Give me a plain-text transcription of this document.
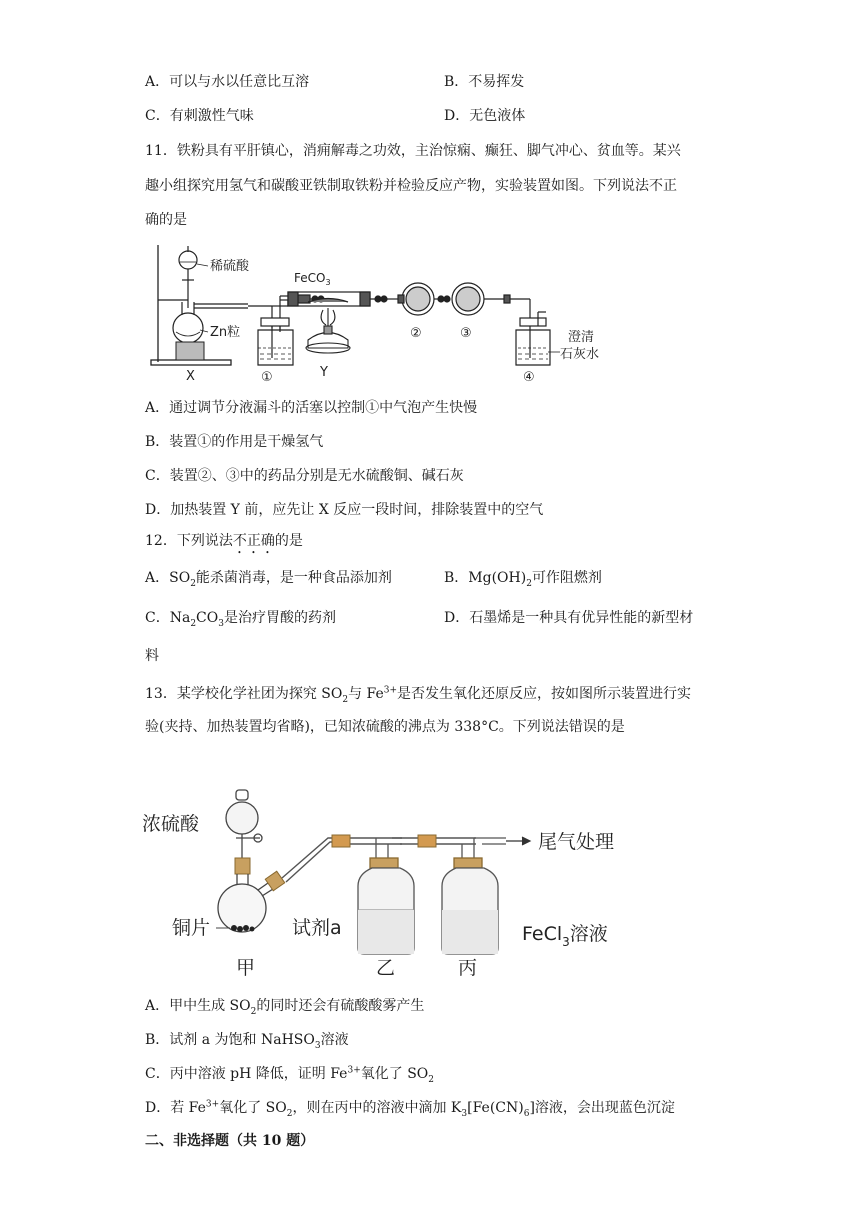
A．可以与水以任意比互溶	B．不易挥发
C．有刺激性气味	D．无色液体
11．铁粉具有平肝镇心，消痈解毒之功效，主治惊痫、癫狂、脚气冲心、贫血等。某兴
趣小组探究用氢气和碳酸亚铁制取铁粉并检验反应产物，实验装置如图。下列说法不正
确的是
稀硫酸
Zn粒
X	①
FeCO$_3$
Y
②	③	澄清
石灰水
④
A．通过调节分液漏斗的活塞以控制①中气泡产生快慢
B．装置①的作用是干燥氢气
C．装置②、③中的药品分别是无水硫酸铜、碱石灰
D．加热装置 Y 前，应先让 X 反应一段时间，排除装置中的空气
12．下列说法不正确的是
A．$SO_2$能杀菌消毒，是一种食品添加剂	B．$Mg(OH)_2$可作阻燃剂
C．$Na_2CO_3$是治疗胃酸的药剂	D．石墨烯是一种具有优异性能的新型材
料
13．某学校化学社团为探究 $SO_2$与 $Fe^{3+}$是否发生氧化还原反应，按如图所示装置进行实
验(夹持、加热装置均省略)，已知浓硫酸的沸点为 338°C。下列说法错误的是
浓硫酸
铜片
甲
试剂a
乙
尾气处理
FeCl$_3$溶液
丙
A．甲中生成 $SO_2$的同时还会有硫酸酸雾产生
B．试剂 a 为饱和 NaHSO$_3$溶液
C．丙中溶液 pH 降低，证明 $Fe^{3+}$氧化了 $SO_2$
D．若 $Fe^{3+}$氧化了 $SO_2$，则在丙中的溶液中滴加 $K_3[Fe(CN)_6]$溶液，会出现蓝色沉淀
二、非选择题（共 10 题）
